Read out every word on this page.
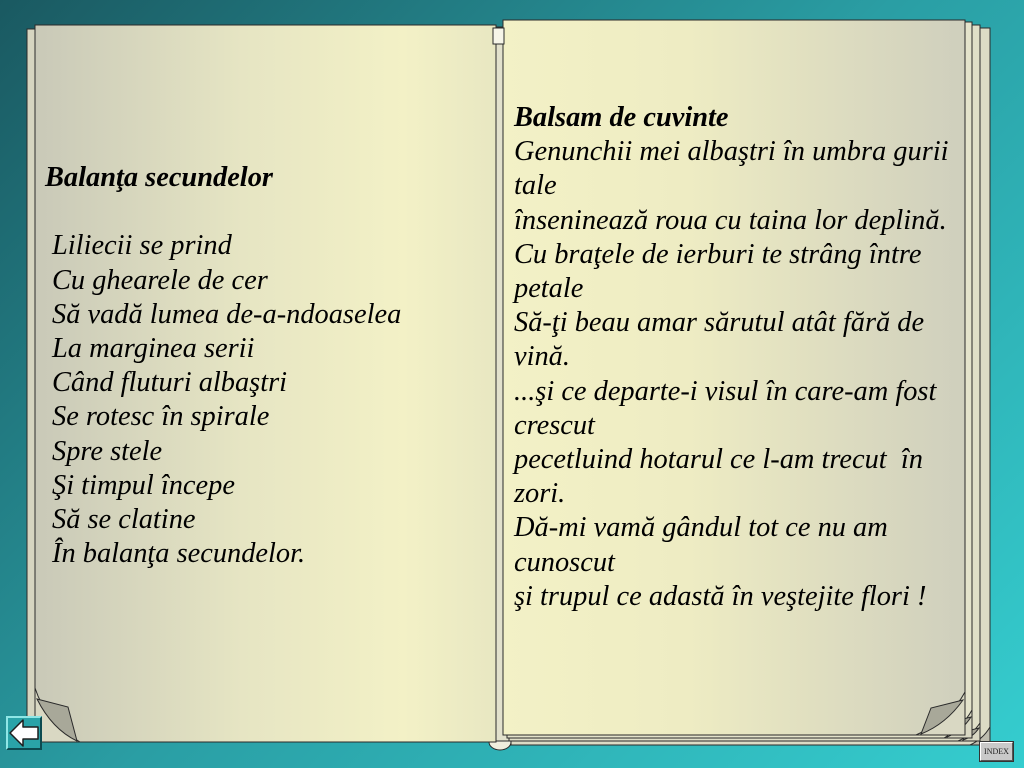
Balanţa secundelor
Liliecii se prind
Cu ghearele de cer
Să vadă lumea de-a-ndoaselea
La marginea serii
Când fluturi albaştri
Se rotesc în spirale
Spre stele
Şi timpul începe
Să se clatine
În balanţa secundelor.
Balsam de cuvinte
Genunchii mei albaştri în umbra gurii
tale
înseninează roua cu taina lor deplină.
Cu braţele de ierburi te strâng între
petale
Să-ţi beau amar sărutul atât fără de
vină.
...şi ce departe-i visul în care-am fost
crescut
pecetluind hotarul ce l-am trecut  în
zori.
Dă-mi vamă gândul tot ce nu am
cunoscut
şi trupul ce adastă în veştejite flori !
INDEX
